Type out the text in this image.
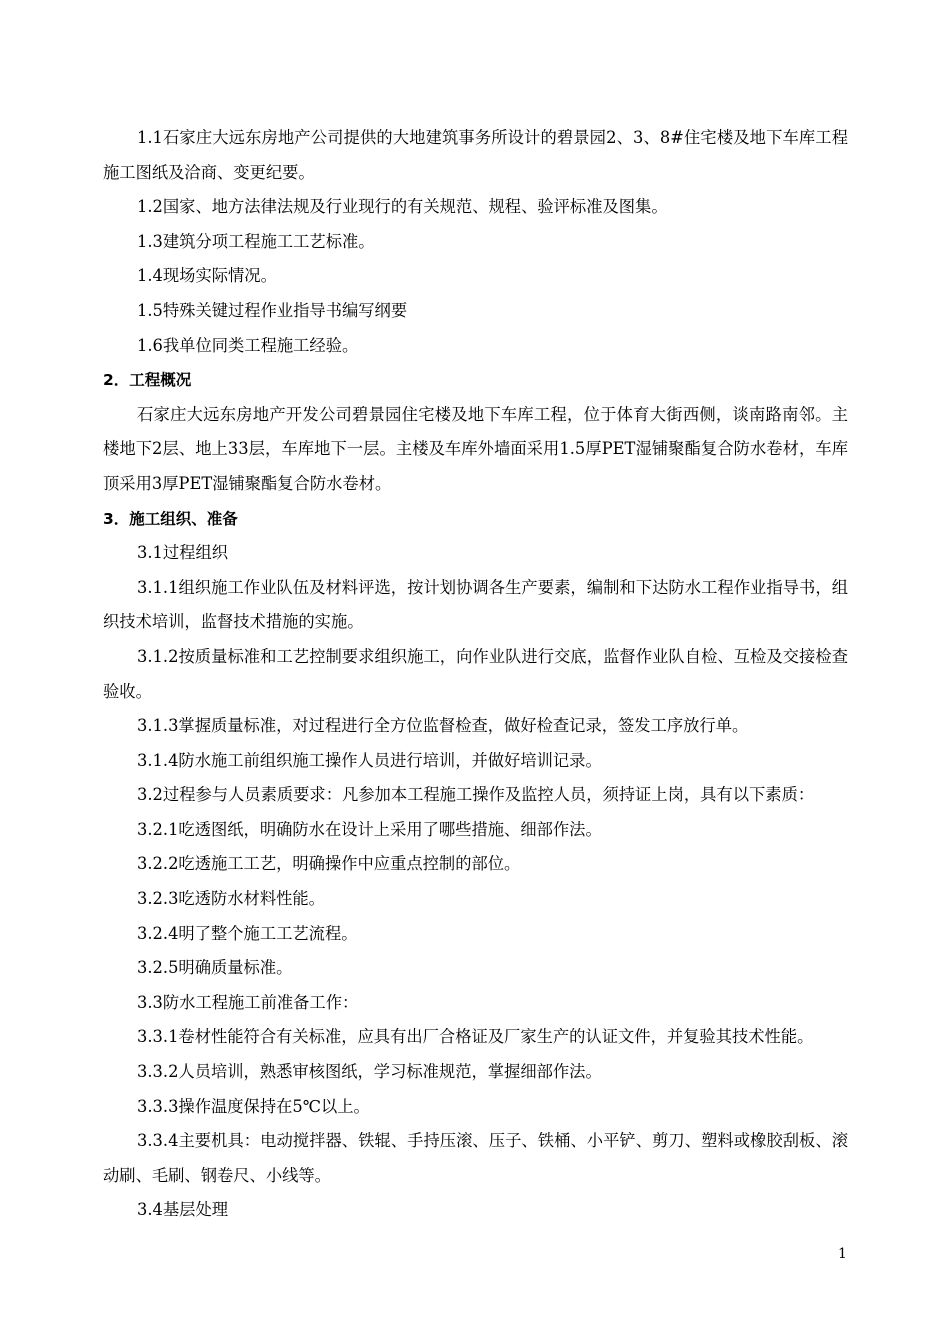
1.1石家庄大远东房地产公司提供的大地建筑事务所设计的碧景园2、3、8#住宅楼及地下车库工程施工图纸及洽商、变更纪要。

1.2国家、地方法律法规及行业现行的有关规范、规程、验评标准及图集。

1.3建筑分项工程施工工艺标准。

1.4现场实际情况。

1.5特殊关键过程作业指导书编写纲要

1.6我单位同类工程施工经验。

2．工程概况

石家庄大远东房地产开发公司碧景园住宅楼及地下车库工程，位于体育大街西侧，谈南路南邻。主楼地下2层、地上33层，车库地下一层。主楼及车库外墙面采用1.5厚PET湿铺聚酯复合防水卷材，车库顶采用3厚PET湿铺聚酯复合防水卷材。

3．施工组织、准备

3.1过程组织

3.1.1组织施工作业队伍及材料评选，按计划协调各生产要素，编制和下达防水工程作业指导书，组织技术培训，监督技术措施的实施。

3.1.2按质量标准和工艺控制要求组织施工，向作业队进行交底，监督作业队自检、互检及交接检查验收。

3.1.3掌握质量标准，对过程进行全方位监督检查，做好检查记录，签发工序放行单。

3.1.4防水施工前组织施工操作人员进行培训，并做好培训记录。

3.2过程参与人员素质要求：凡参加本工程施工操作及监控人员，须持证上岗，具有以下素质：

3.2.1吃透图纸，明确防水在设计上采用了哪些措施、细部作法。

3.2.2吃透施工工艺，明确操作中应重点控制的部位。

3.2.3吃透防水材料性能。

3.2.4明了整个施工工艺流程。

3.2.5明确质量标准。

3.3防水工程施工前准备工作：

3.3.1卷材性能符合有关标准，应具有出厂合格证及厂家生产的认证文件，并复验其技术性能。

3.3.2人员培训，熟悉审核图纸，学习标准规范，掌握细部作法。

3.3.3操作温度保持在5℃以上。

3.3.4主要机具：电动搅拌器、铁辊、手持压滚、压子、铁桶、小平铲、剪刀、塑料或橡胶刮板、滚动刷、毛刷、钢卷尺、小线等。

3.4基层处理

1
